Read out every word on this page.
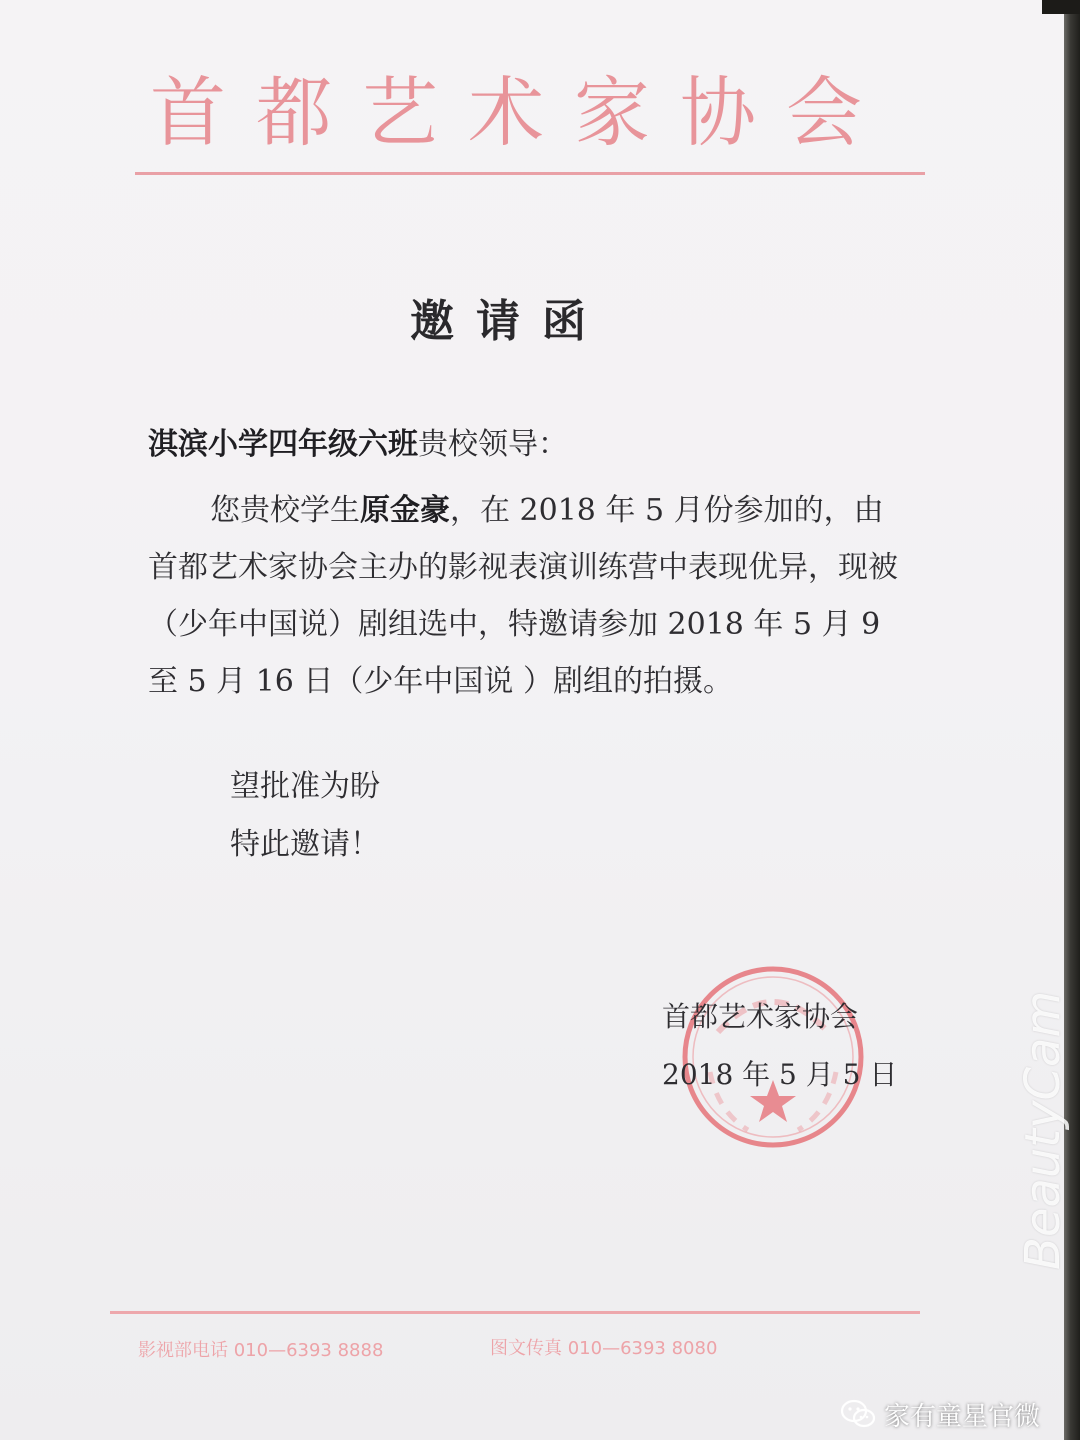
首都艺术家协会
邀请函
淇滨小学四年级六班贵校领导：

您贵校学生原金豪，在 2018 年 5 月份参加的，由首都艺术家协会主办的影视表演训练营中表现优异，现被（少年中国说）剧组选中，特邀请参加 2018 年 5 月 9 至 5 月 16 日（少年中国说 ）剧组的拍摄。

望批准为盼
特此邀请！
首都艺术家协会
2018 年 5 月 5 日
影视部电话 010—6393 8888	图文传真 010—6393 8080
BeautyCam
家有童星官微
